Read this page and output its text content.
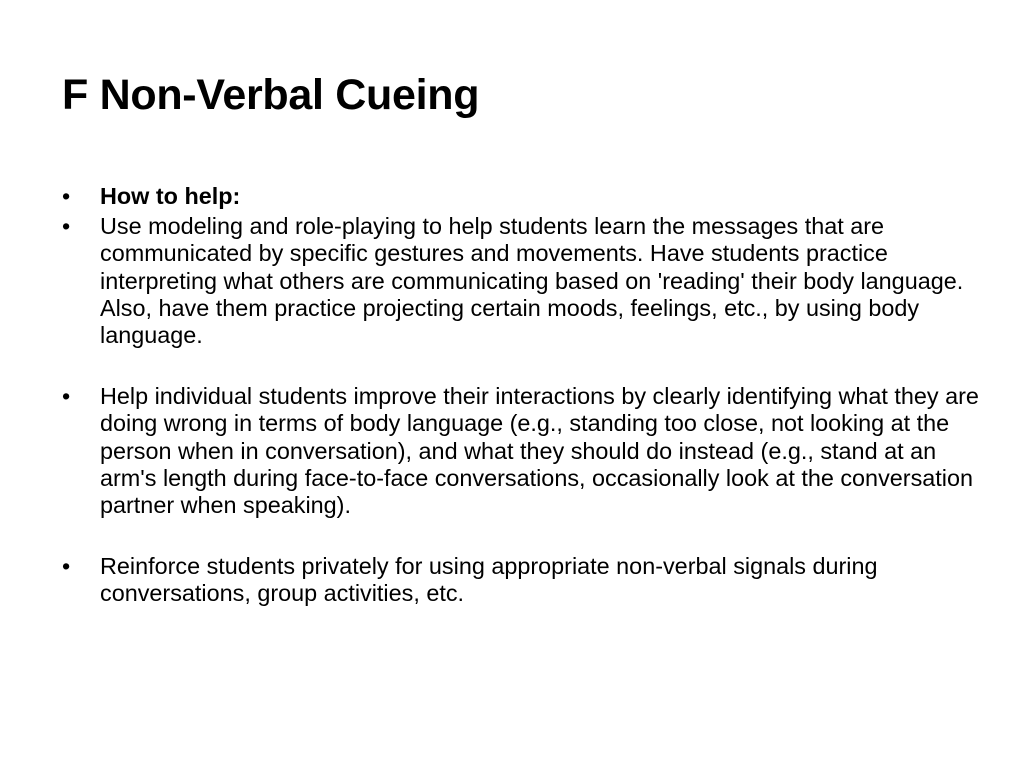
F Non-Verbal Cueing
•	How to help:
•	Use modeling and role-playing to help students learn the messages that are communicated by specific gestures and movements. Have students practice interpreting what others are communicating based on 'reading' their body language. Also, have them practice projecting certain moods, feelings, etc., by using body language.
•	Help individual students improve their interactions by clearly identifying what they are doing wrong in terms of body language (e.g., standing too close, not looking at the person when in conversation), and what they should do instead (e.g., stand at an arm's length during face-to-face conversations, occasionally look at the conversation partner when speaking).
•	Reinforce students privately for using appropriate non-verbal signals during conversations, group activities, etc.
